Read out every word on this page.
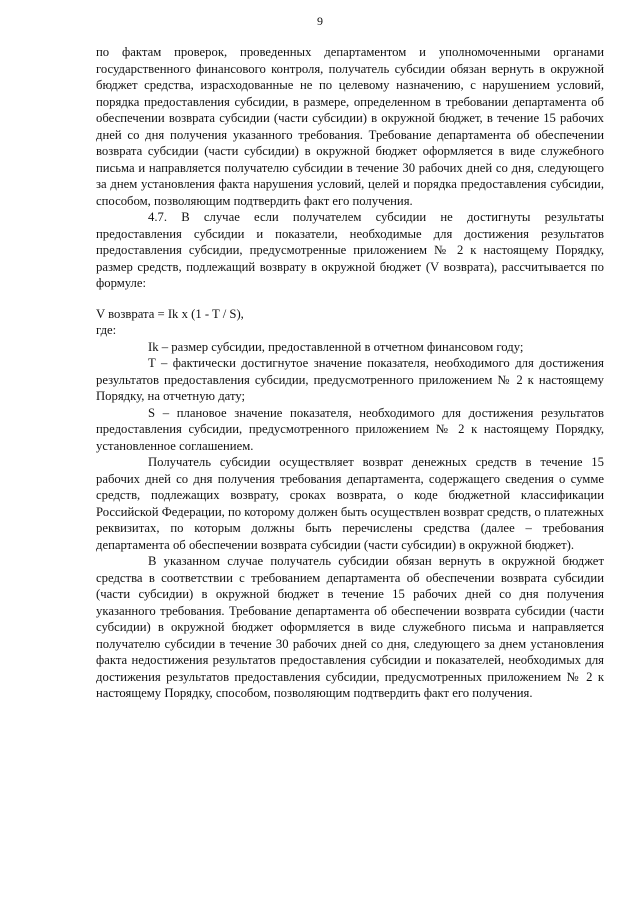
9

по фактам проверок, проведенных департаментом и уполномоченными органами государственного финансового контроля, получатель субсидии обязан вернуть в окружной бюджет средства, израсходованные не по целевому назначению, с нарушением условий, порядка предоставления субсидии, в размере, определенном в требовании департамента об обеспечении возврата субсидии (части субсидии) в окружной бюджет, в течение 15 рабочих дней со дня получения указанного требования. Требование департамента об обеспечении возврата субсидии (части субсидии) в окружной бюджет оформляется в виде служебного письма и направляется получателю субсидии в течение 30 рабочих дней со дня, следующего за днем установления факта нарушения условий, целей и порядка предоставления субсидии, способом, позволяющим подтвердить факт его получения.

4.7. В случае если получателем субсидии не достигнуты результаты предоставления субсидии и показатели, необходимые для достижения результатов предоставления субсидии, предусмотренные приложением № 2 к настоящему Порядку, размер средств, подлежащий возврату в окружной бюджет (V возврата), рассчитывается по формуле:

V возврата = Ik x (1 - T / S),

где:

Ik – размер субсидии, предоставленной в отчетном финансовом году;

T – фактически достигнутое значение показателя, необходимого для достижения результатов предоставления субсидии, предусмотренного приложением № 2 к настоящему Порядку, на отчетную дату;

S – плановое значение показателя, необходимого для достижения результатов предоставления субсидии, предусмотренного приложением № 2 к настоящему Порядку, установленное соглашением.

Получатель субсидии осуществляет возврат денежных средств в течение 15 рабочих дней со дня получения требования департамента, содержащего сведения о сумме средств, подлежащих возврату, сроках возврата, о коде бюджетной классификации Российской Федерации, по которому должен быть осуществлен возврат средств, о платежных реквизитах, по которым должны быть перечислены средства (далее – требования департамента об обеспечении возврата субсидии (части субсидии) в окружной бюджет).

В указанном случае получатель субсидии обязан вернуть в окружной бюджет средства в соответствии с требованием департамента об обеспечении возврата субсидии (части субсидии) в окружной бюджет в течение 15 рабочих дней со дня получения указанного требования. Требование департамента об обеспечении возврата субсидии (части субсидии) в окружной бюджет оформляется в виде служебного письма и направляется получателю субсидии в течение 30 рабочих дней со дня, следующего за днем установления факта недостижения результатов предоставления субсидии и показателей, необходимых для достижения результатов предоставления субсидии, предусмотренных приложением № 2 к настоящему Порядку, способом, позволяющим подтвердить факт его получения.
